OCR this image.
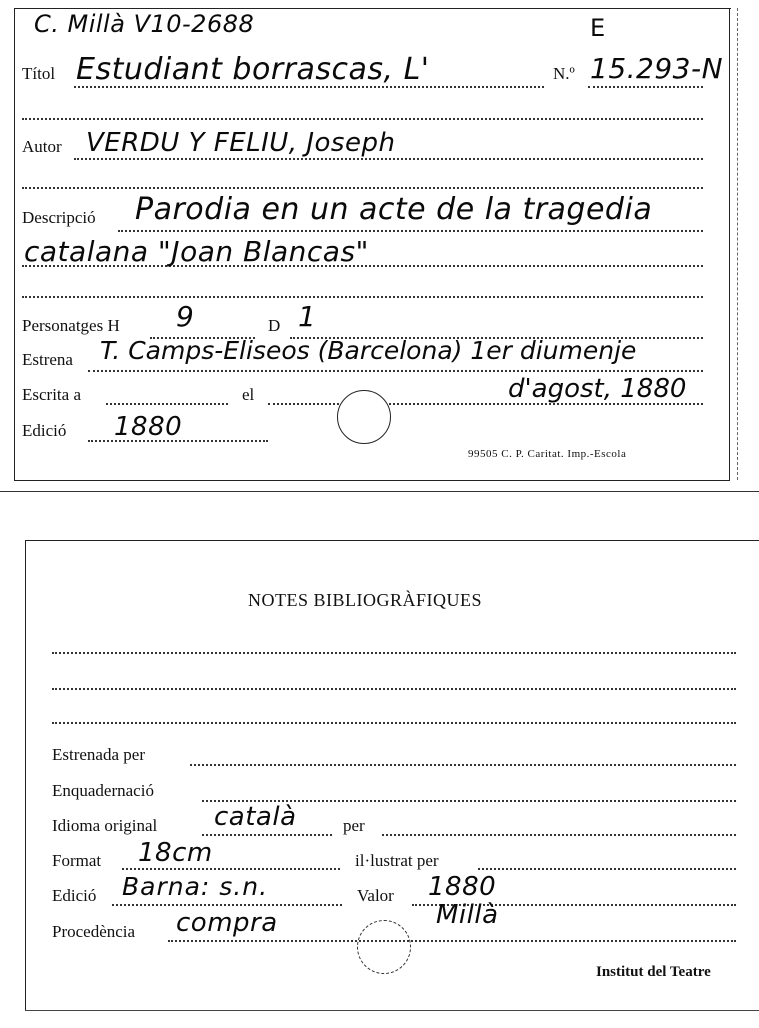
C. Millà V10-2688	E
Títol Estudiant borrascas, L'	N.º 15.293-N
Autor VERDU Y FELIU, Joseph
Descripció Parodia en un acte de la tragedia
catalana "Joan Blancas"
Personatges H 9	D 1
Estrena T. Camps-Eliseos (Barcelona) 1er diumenje
Escrita a	el	d'agost, 1880
Edició 1880
99505 C. P. Caritat. Imp.-Escola
NOTES BIBLIOGRÀFIQUES
Estrenada per
Enquadernació
Idioma original català	per
Format 18cm	il·lustrat per
Edició Barna: s.n.	Valor 1880
Procedència compra	Millà
Institut del Teatre
